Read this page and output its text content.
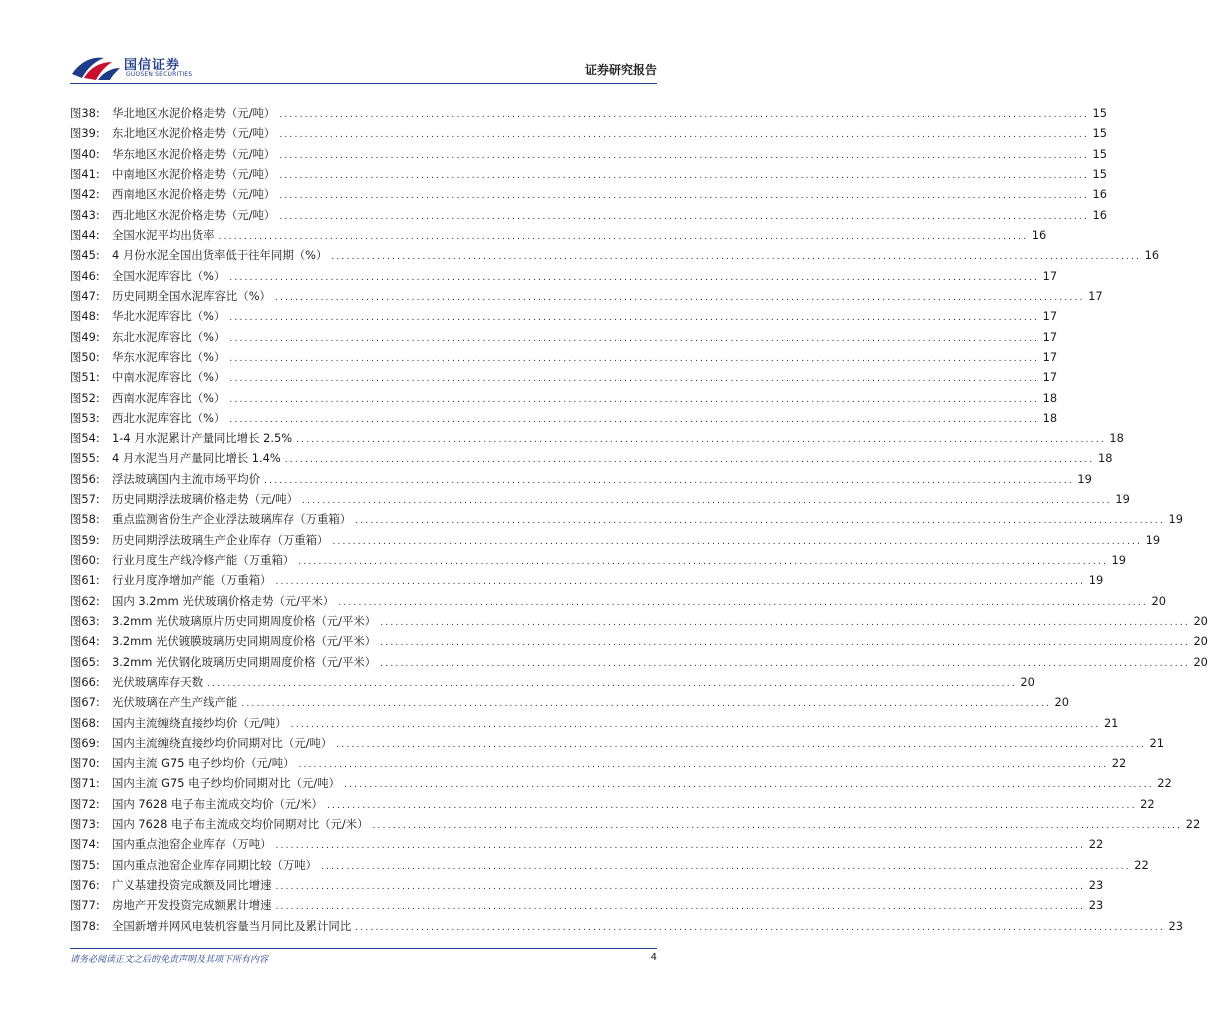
国信证券
GUOSEN SECURITIES	证券研究报告
图38:	华北地区水泥价格走势（元/吨） ................................................................................................................................................................ 15
图39:	东北地区水泥价格走势（元/吨） ................................................................................................................................................................ 15
图40:	华东地区水泥价格走势（元/吨） ................................................................................................................................................................ 15
图41:	中南地区水泥价格走势（元/吨） ................................................................................................................................................................ 15
图42:	西南地区水泥价格走势（元/吨） ................................................................................................................................................................ 16
图43:	西北地区水泥价格走势（元/吨） ................................................................................................................................................................ 16
图44:	全国水泥平均出货率 ................................................................................................................................................................ 16
图45:	4 月份水泥全国出货率低于往年同期（%） ................................................................................................................................................................ 16
图46:	全国水泥库容比（%） ................................................................................................................................................................ 17
图47:	历史同期全国水泥库容比（%） ................................................................................................................................................................ 17
图48:	华北水泥库容比（%） ................................................................................................................................................................ 17
图49:	东北水泥库容比（%） ................................................................................................................................................................ 17
图50:	华东水泥库容比（%） ................................................................................................................................................................ 17
图51:	中南水泥库容比（%） ................................................................................................................................................................ 17
图52:	西南水泥库容比（%） ................................................................................................................................................................ 18
图53:	西北水泥库容比（%） ................................................................................................................................................................ 18
图54:	1-4 月水泥累计产量同比增长 2.5% ................................................................................................................................................................ 18
图55:	4 月水泥当月产量同比增长 1.4% ................................................................................................................................................................ 18
图56:	浮法玻璃国内主流市场平均价 ................................................................................................................................................................ 19
图57:	历史同期浮法玻璃价格走势（元/吨） ................................................................................................................................................................ 19
图58:	重点监测省份生产企业浮法玻璃库存（万重箱） ................................................................................................................................................................ 19
图59:	历史同期浮法玻璃生产企业库存（万重箱） ................................................................................................................................................................ 19
图60:	行业月度生产线冷修产能（万重箱） ................................................................................................................................................................ 19
图61:	行业月度净增加产能（万重箱） ................................................................................................................................................................ 19
图62:	国内 3.2mm 光伏玻璃价格走势（元/平米） ................................................................................................................................................................ 20
图63:	3.2mm 光伏玻璃原片历史同期周度价格（元/平米） ................................................................................................................................................................ 20
图64:	3.2mm 光伏镀膜玻璃历史同期周度价格（元/平米） ................................................................................................................................................................ 20
图65:	3.2mm 光伏钢化玻璃历史同期周度价格（元/平米） ................................................................................................................................................................ 20
图66:	光伏玻璃库存天数 ................................................................................................................................................................ 20
图67:	光伏玻璃在产生产线产能 ................................................................................................................................................................ 20
图68:	国内主流缠绕直接纱均价（元/吨） ................................................................................................................................................................ 21
图69:	国内主流缠绕直接纱均价同期对比（元/吨） ................................................................................................................................................................ 21
图70:	国内主流 G75 电子纱均价（元/吨） ................................................................................................................................................................ 22
图71:	国内主流 G75 电子纱均价同期对比（元/吨） ................................................................................................................................................................ 22
图72:	国内 7628 电子布主流成交均价（元/米） ................................................................................................................................................................ 22
图73:	国内 7628 电子布主流成交均价同期对比（元/米） ................................................................................................................................................................ 22
图74:	国内重点池窑企业库存（万吨） ................................................................................................................................................................ 22
图75:	国内重点池窑企业库存同期比较（万吨） ................................................................................................................................................................ 22
图76:	广义基建投资完成额及同比增速 ................................................................................................................................................................ 23
图77:	房地产开发投资完成额累计增速 ................................................................................................................................................................ 23
图78:	全国新增并网风电装机容量当月同比及累计同比 ................................................................................................................................................................ 23
请务必阅读正文之后的免责声明及其项下所有内容	4
